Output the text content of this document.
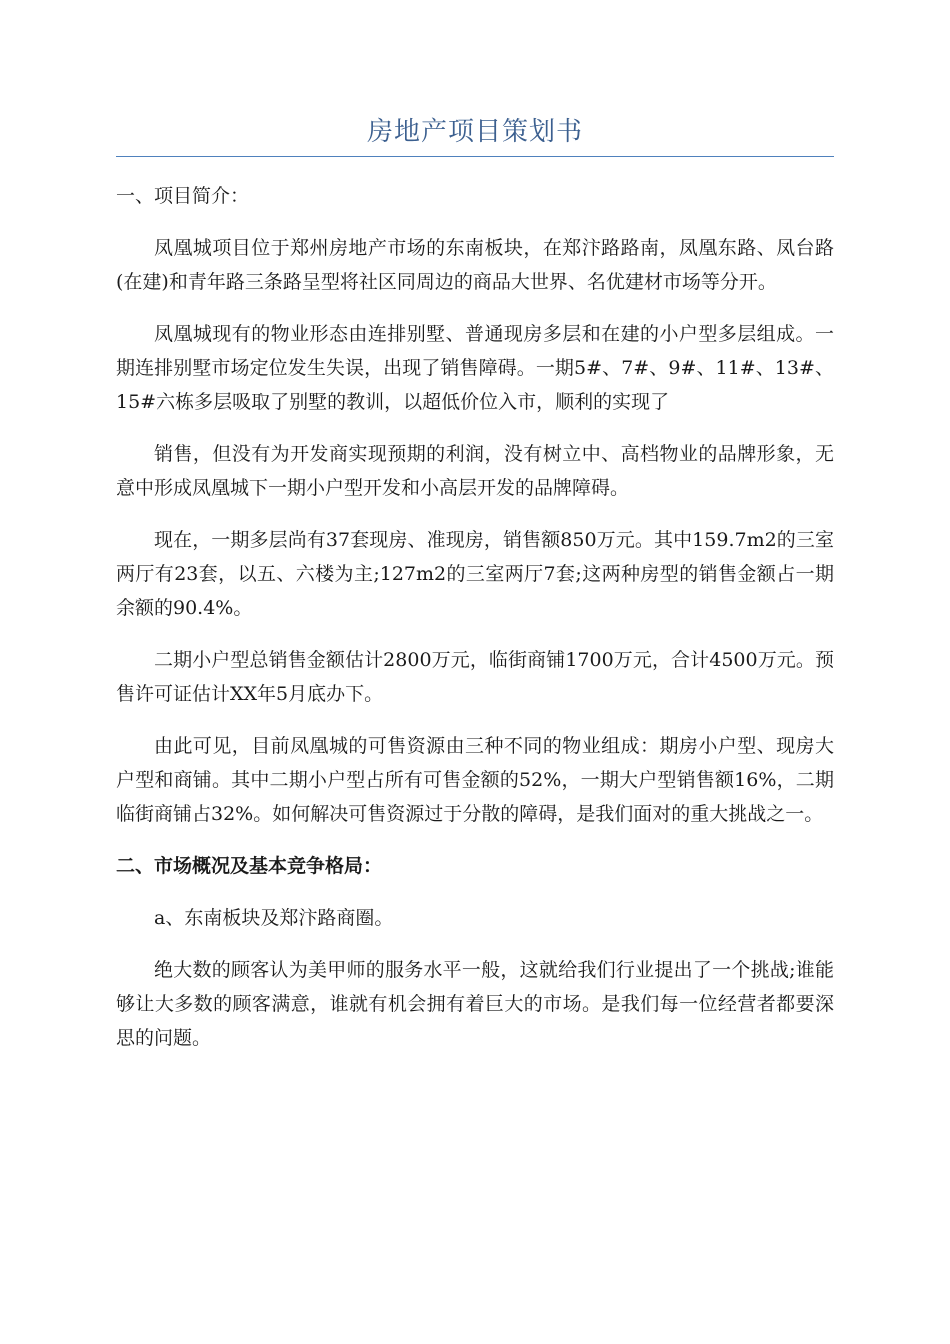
房地产项目策划书
一、项目简介：

凤凰城项目位于郑州房地产市场的东南板块，在郑汴路路南，凤凰东路、凤台路(在建)和青年路三条路呈型将社区同周边的商品大世界、名优建材市场等分开。

凤凰城现有的物业形态由连排别墅、普通现房多层和在建的小户型多层组成。一期连排别墅市场定位发生失误，出现了销售障碍。一期5#、7#、9#、11#、13#、15#六栋多层吸取了别墅的教训，以超低价位入市，顺利的实现了

销售，但没有为开发商实现预期的利润，没有树立中、高档物业的品牌形象，无意中形成凤凰城下一期小户型开发和小高层开发的品牌障碍。

现在，一期多层尚有37套现房、准现房，销售额850万元。其中159.7m2的三室两厅有23套，以五、六楼为主;127m2的三室两厅7套;这两种房型的销售金额占一期余额的90.4%。

二期小户型总销售金额估计2800万元，临街商铺1700万元，合计4500万元。预售许可证估计XX年5月底办下。

由此可见，目前凤凰城的可售资源由三种不同的物业组成：期房小户型、现房大户型和商铺。其中二期小户型占所有可售金额的52%，一期大户型销售额16%，二期临街商铺占32%。如何解决可售资源过于分散的障碍，是我们面对的重大挑战之一。

二、市场概况及基本竞争格局：

a、东南板块及郑汴路商圈。

绝大数的顾客认为美甲师的服务水平一般，这就给我们行业提出了一个挑战;谁能够让大多数的顾客满意，谁就有机会拥有着巨大的市场。是我们每一位经营者都要深思的问题。
